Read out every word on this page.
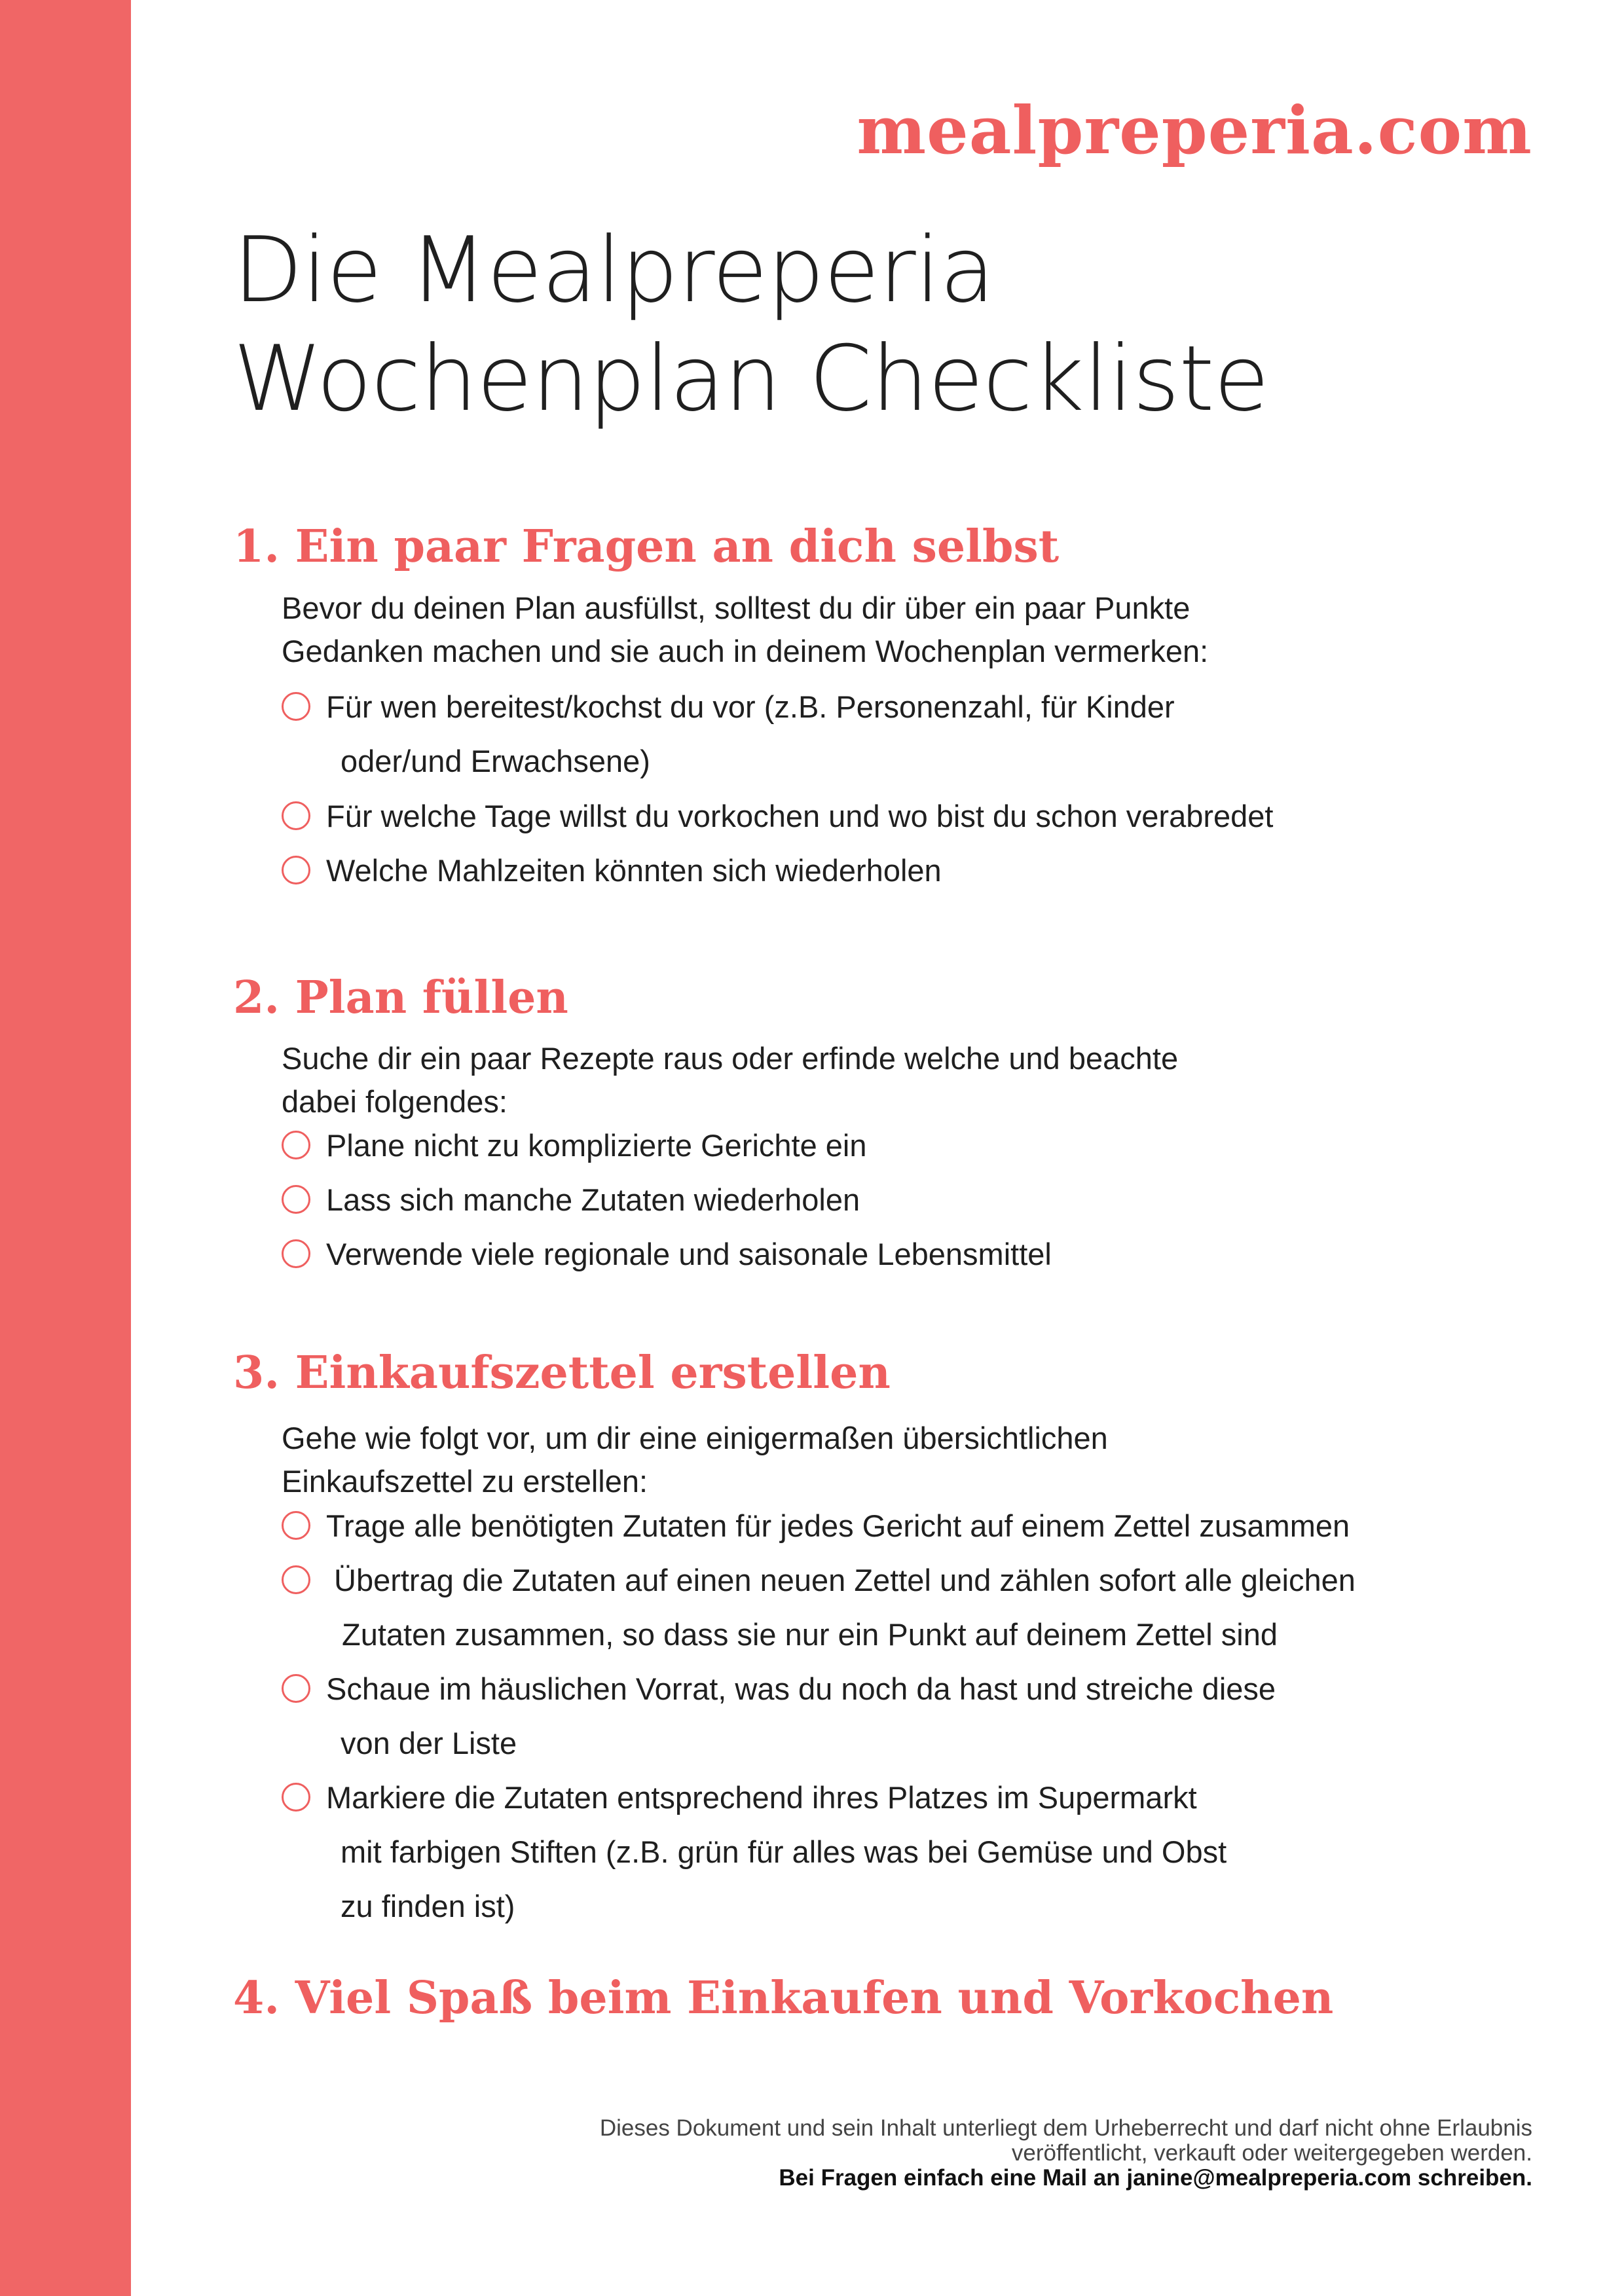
mealpreperia.com
Die Mealpreperia
Wochenplan Checkliste
1. Ein paar Fragen an dich selbst
Bevor du deinen Plan ausfüllst, solltest du dir über ein paar Punkte
Gedanken machen und sie auch in deinem Wochenplan vermerken:
Für wen bereitest/kochst du vor (z.B. Personenzahl, für Kinder
oder/und Erwachsene)
Für welche Tage willst du vorkochen und wo bist du schon verabredet
Welche Mahlzeiten könnten sich wiederholen
2. Plan füllen
Suche dir ein paar Rezepte raus oder erfinde welche und beachte
dabei folgendes:
Plane nicht zu komplizierte Gerichte ein
Lass sich manche Zutaten wiederholen
Verwende viele regionale und saisonale Lebensmittel
3. Einkaufszettel erstellen
Gehe wie folgt vor, um dir eine einigermaßen übersichtlichen
Einkaufszettel zu erstellen:
Trage alle benötigten Zutaten für jedes Gericht auf einem Zettel zusammen
Übertrag die Zutaten auf einen neuen Zettel und zählen sofort alle gleichen
Zutaten zusammen, so dass sie nur ein Punkt auf deinem Zettel sind
Schaue im häuslichen Vorrat, was du noch da hast und streiche diese
von der Liste
Markiere die Zutaten entsprechend ihres Platzes im Supermarkt
mit farbigen Stiften (z.B. grün für alles was bei Gemüse und Obst
zu finden ist)
4. Viel Spaß beim Einkaufen und Vorkochen
Dieses Dokument und sein Inhalt unterliegt dem Urheberrecht und darf nicht ohne Erlaubnis
veröffentlicht, verkauft oder weitergegeben werden.
Bei Fragen einfach eine Mail an janine@mealpreperia.com schreiben.
